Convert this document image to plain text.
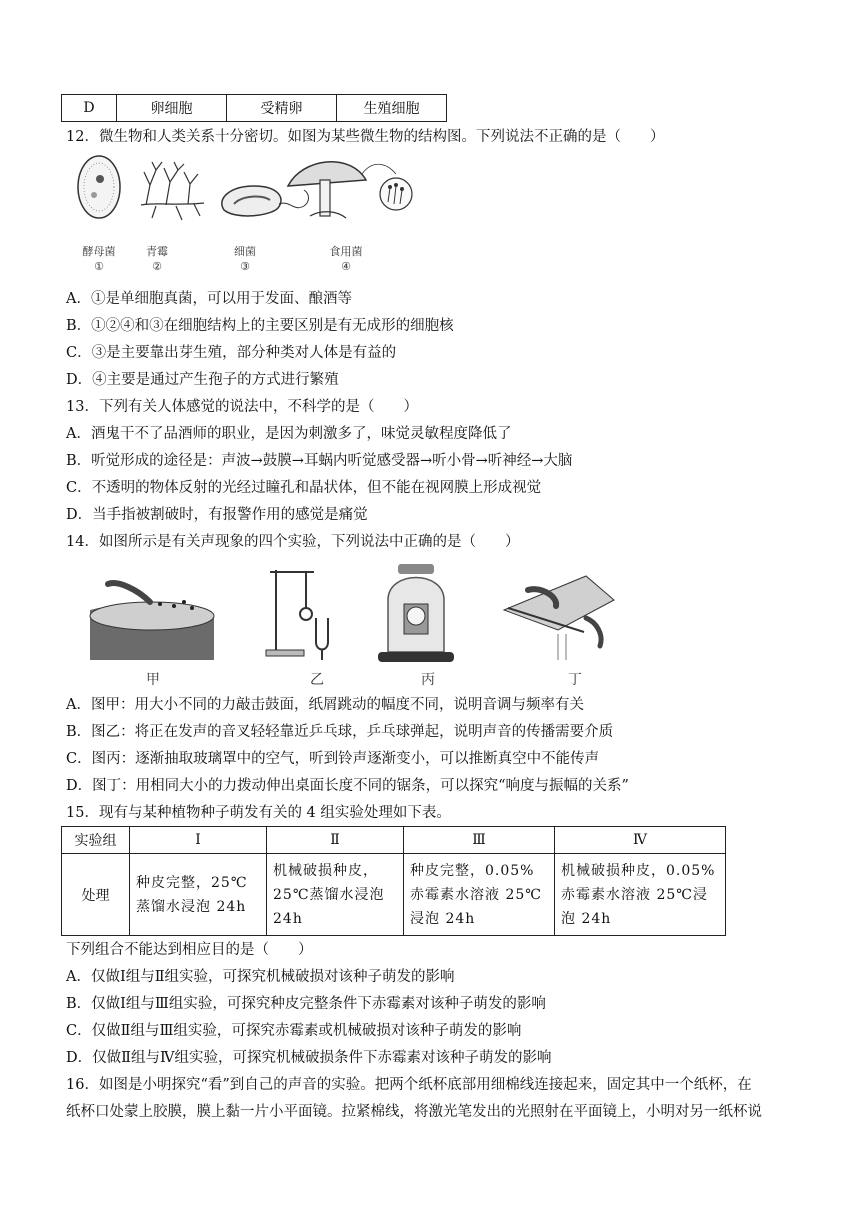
D	卵细胞	受精卵	生殖细胞
12．微生物和人类关系十分密切。如图为某些微生物的结构图。下列说法不正确的是（　　）
酵母菌
①
青霉
②
细菌
③
食用菌
④
A．①是单细胞真菌，可以用于发面、酿酒等
B．①②④和③在细胞结构上的主要区别是有无成形的细胞核
C．③是主要靠出芽生殖，部分种类对人体是有益的
D．④主要是通过产生孢子的方式进行繁殖
13．下列有关人体感觉的说法中，不科学的是（　　）
A．酒鬼干不了品酒师的职业，是因为刺激多了，味觉灵敏程度降低了
B．听觉形成的途径是：声波→鼓膜→耳蜗内听觉感受器→听小骨→听神经→大脑
C．不透明的物体反射的光经过瞳孔和晶状体，但不能在视网膜上形成视觉
D．当手指被割破时，有报警作用的感觉是痛觉
14．如图所示是有关声现象的四个实验，下列说法中正确的是（　　）
甲	乙	丙	丁
A．图甲：用大小不同的力敲击鼓面，纸屑跳动的幅度不同，说明音调与频率有关
B．图乙：将正在发声的音叉轻轻靠近乒乓球，乒乓球弹起，说明声音的传播需要介质
C．图丙：逐渐抽取玻璃罩中的空气，听到铃声逐渐变小，可以推断真空中不能传声
D．图丁：用相同大小的力拨动伸出桌面长度不同的锯条，可以探究“响度与振幅的关系”
15．现有与某种植物种子萌发有关的 4 组实验处理如下表。
实验组	Ⅰ	Ⅱ	Ⅲ	Ⅳ
处理	种皮完整，25℃蒸馏水浸泡 24h	机械破损种皮，25℃蒸馏水浸泡 24h	种皮完整，0.05%赤霉素水溶液 25℃浸泡 24h	机械破损种皮，0.05%赤霉素水溶液 25℃浸泡 24h
下列组合不能达到相应目的是（　　）
A．仅做Ⅰ组与Ⅱ组实验，可探究机械破损对该种子萌发的影响
B．仅做Ⅰ组与Ⅲ组实验，可探究种皮完整条件下赤霉素对该种子萌发的影响
C．仅做Ⅱ组与Ⅲ组实验，可探究赤霉素或机械破损对该种子萌发的影响
D．仅做Ⅱ组与Ⅳ组实验，可探究机械破损条件下赤霉素对该种子萌发的影响
16．如图是小明探究“看”到自己的声音的实验。把两个纸杯底部用细棉线连接起来，固定其中一个纸杯，在
纸杯口处蒙上胶膜，膜上黏一片小平面镜。拉紧棉线，将激光笔发出的光照射在平面镜上，小明对另一纸杯说
